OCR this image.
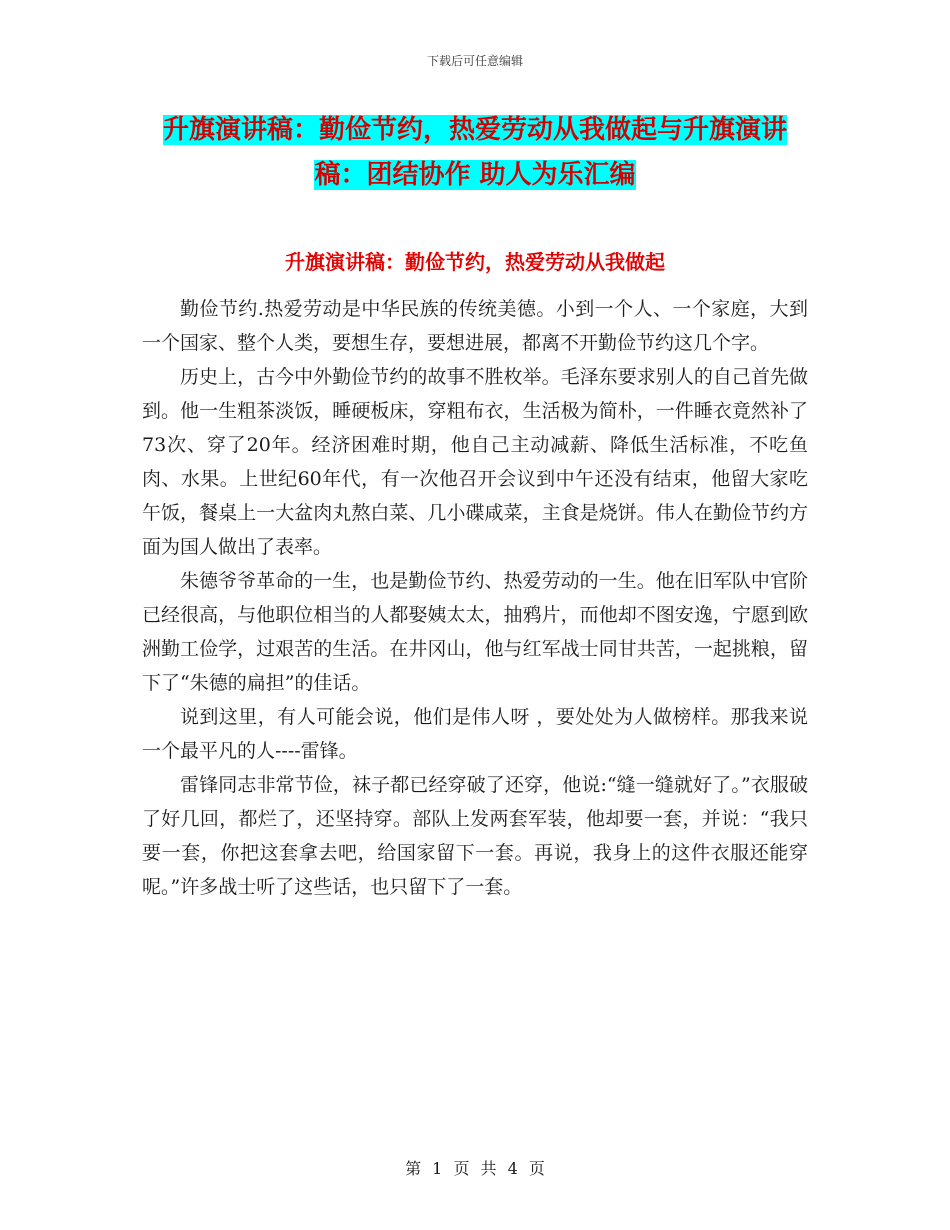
下载后可任意编辑
升旗演讲稿：勤俭节约，热爱劳动从我做起与升旗演讲稿：团结协作 助人为乐汇编
升旗演讲稿：勤俭节约，热爱劳动从我做起

勤俭节约.热爱劳动是中华民族的传统美德。小到一个人、一个家庭，大到一个国家、整个人类，要想生存，要想进展，都离不开勤俭节约这几个字。

历史上，古今中外勤俭节约的故事不胜枚举。毛泽东要求别人的自己首先做到。他一生粗茶淡饭，睡硬板床，穿粗布衣，生活极为简朴，一件睡衣竟然补了73次、穿了20年。经济困难时期，他自己主动减薪、降低生活标准，不吃鱼肉、水果。上世纪60年代，有一次他召开会议到中午还没有结束，他留大家吃午饭，餐桌上一大盆肉丸熬白菜、几小碟咸菜，主食是烧饼。伟人在勤俭节约方面为国人做出了表率。

朱德爷爷革命的一生，也是勤俭节约、热爱劳动的一生。他在旧军队中官阶已经很高，与他职位相当的人都娶姨太太，抽鸦片，而他却不图安逸，宁愿到欧洲勤工俭学，过艰苦的生活。在井冈山，他与红军战士同甘共苦，一起挑粮，留下了“朱德的扁担”的佳话。

说到这里，有人可能会说，他们是伟人呀 ，要处处为人做榜样。那我来说一个最平凡的人----雷锋。

雷锋同志非常节俭，袜子都已经穿破了还穿，他说:“缝一缝就好了。”衣服破了好几回，都烂了，还坚持穿。部队上发两套军装，他却要一套，并说：“我只要一套，你把这套拿去吧，给国家留下一套。再说，我身上的这件衣服还能穿呢。”许多战士听了这些话，也只留下了一套。

第 1 页 共 4 页
